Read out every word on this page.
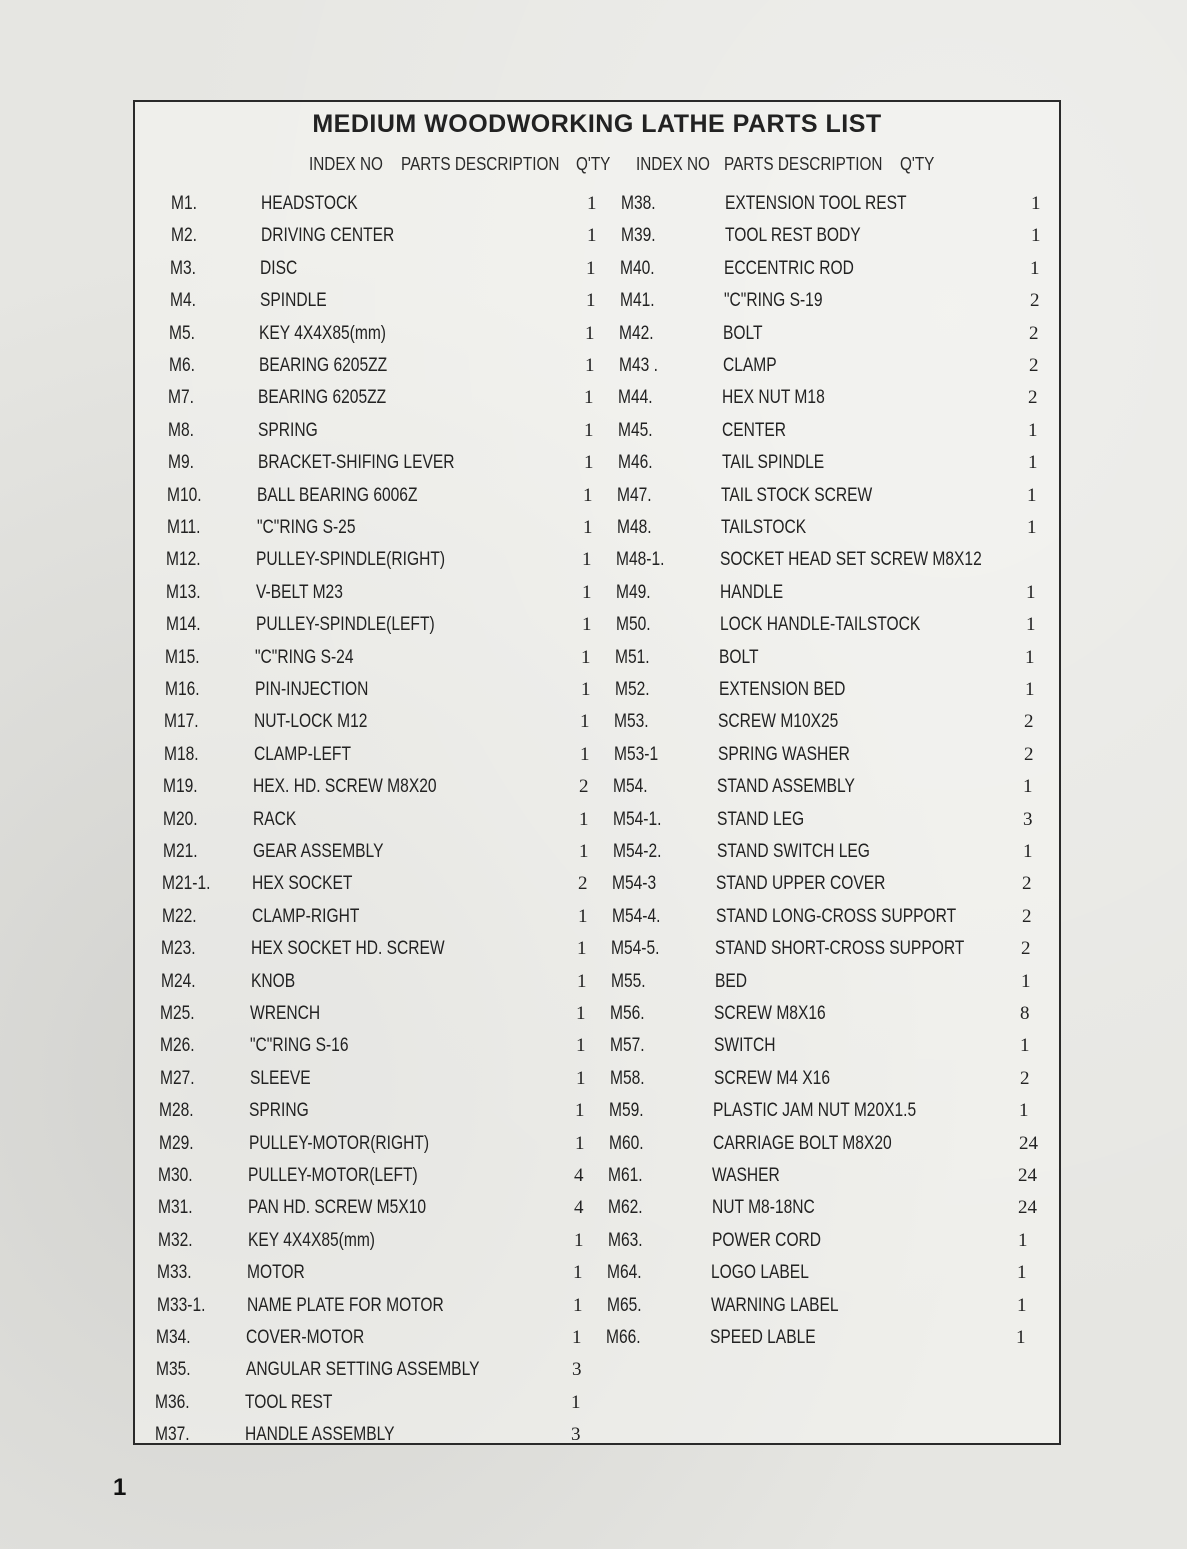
MEDIUM WOODWORKING LATHE PARTS LIST
INDEX NO PARTS DESCRIPTION Q'TY INDEX NO PARTS DESCRIPTION Q'TY
M1.	HEADSTOCK	1
M2.	DRIVING CENTER	1
M3.	DISC	1
M4.	SPINDLE	1
M5.	KEY 4X4X85(mm)	1
M6.	BEARING 6205ZZ	1
M7.	BEARING 6205ZZ	1
M8.	SPRING	1
M9.	BRACKET-SHIFING LEVER	1
M10.	BALL BEARING 6006Z	1
M11.	"C"RING S-25	1
M12.	PULLEY-SPINDLE(RIGHT)	1
M13.	V-BELT M23	1
M14.	PULLEY-SPINDLE(LEFT)	1
M15.	"C"RING S-24	1
M16.	PIN-INJECTION	1
M17.	NUT-LOCK M12	1
M18.	CLAMP-LEFT	1
M19.	HEX. HD. SCREW M8X20	2
M20.	RACK	1
M21.	GEAR ASSEMBLY	1
M21-1. HEX SOCKET	2
M22.	CLAMP-RIGHT	1
M23.	HEX SOCKET HD. SCREW	1
M24.	KNOB	1
M25.	WRENCH	1
M26.	"C"RING S-16	1
M27.	SLEEVE	1
M28.	SPRING	1
M29.	PULLEY-MOTOR(RIGHT)	1
M30.	PULLEY-MOTOR(LEFT)	4
M31.	PAN HD. SCREW M5X10	4
M32.	KEY 4X4X85(mm)	1
M33.	MOTOR	1
M33-1. NAME PLATE FOR MOTOR	1
M34.	COVER-MOTOR	1
M35.	ANGULAR SETTING ASSEMBLY	3
M36.	TOOL REST	1
M37.	HANDLE ASSEMBLY	3
M38.	EXTENSION TOOL REST	1
M39.	TOOL REST BODY	1
M40.	ECCENTRIC ROD	1
M41.	"C"RING S-19	2
M42.	BOLT	2
M43 .	CLAMP	2
M44.	HEX NUT M18	2
M45.	CENTER	1
M46.	TAIL SPINDLE	1
M47.	TAIL STOCK SCREW	1
M48.	TAILSTOCK	1
M48-1.	SOCKET HEAD SET SCREW M8X12
M49.	HANDLE	1
M50.	LOCK HANDLE-TAILSTOCK	1
M51.	BOLT	1
M52.	EXTENSION BED	1
M53.	SCREW M10X25	2
M53-1	SPRING WASHER	2
M54.	STAND ASSEMBLY	1
M54-1.	STAND LEG	3
M54-2.	STAND SWITCH LEG	1
M54-3	STAND UPPER COVER	2
M54-4.	STAND LONG-CROSS SUPPORT	2
M54-5.	STAND SHORT-CROSS SUPPORT	2
M55.	BED	1
M56.	SCREW M8X16	8
M57.	SWITCH	1
M58.	SCREW M4 X16	2
M59.	PLASTIC JAM NUT M20X1.5	1
M60.	CARRIAGE BOLT M8X20	24
M61.	WASHER	24
M62.	NUT M8-18NC	24
M63.	POWER CORD	1
M64.	LOGO LABEL	1
M65.	WARNING LABEL	1
M66.	SPEED LABLE	1
1
